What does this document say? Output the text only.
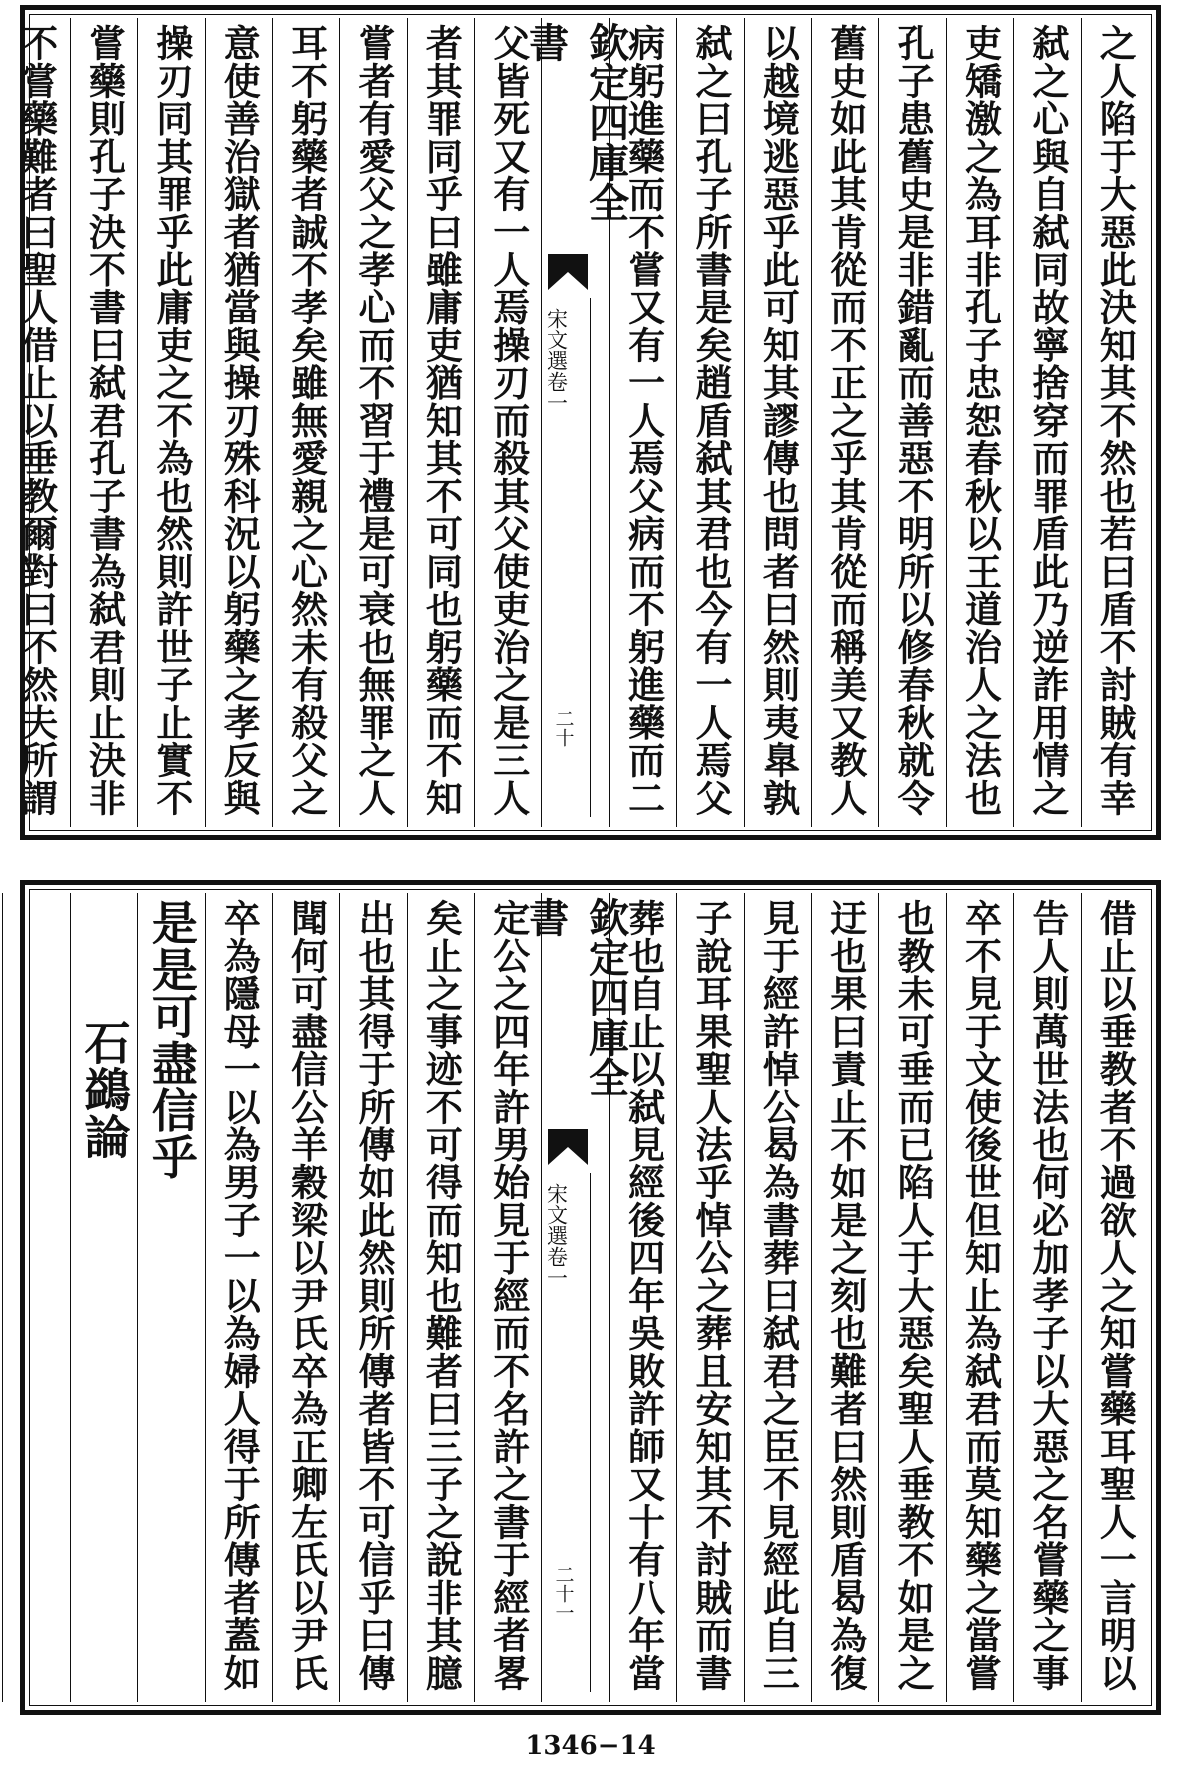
之人陷于大惡此決知其不然也若曰盾不討賊有幸
弑之心與自弑同故寧捨穿而罪盾此乃逆詐用情之
吏矯激之為耳非孔子忠恕春秋以王道治人之法也
孔子患舊史是非錯亂而善惡不明所以修春秋就令
舊史如此其肯從而不正之乎其肯從而稱美又教人
以越境逃惡乎此可知其謬傳也問者曰然則夷臯孰
弑之曰孔子所書是矣趙盾弑其君也今有一人焉父
病躬進藥而不嘗又有一人焉父病而不躬進藥而二
欽定四庫全書
宋文選卷一
二十
父皆死又有一人焉操刃而殺其父使吏治之是三人
者其罪同乎曰雖庸吏猶知其不可同也躬藥而不知
嘗者有愛父之孝心而不習于禮是可衰也無罪之人
耳不躬藥者誠不孝矣雖無愛親之心然未有殺父之
意使善治獄者猶當與操刃殊科況以躬藥之孝反與
操刃同其罪乎此庸吏之不為也然則許世子止實不
嘗藥則孔子決不書曰弑君孔子書為弑君則止決非
不嘗藥難者曰聖人借止以垂教爾對曰不然夫所謂
借止以垂教者不過欲人之知嘗藥耳聖人一言明以
告人則萬世法也何必加孝子以大惡之名嘗藥之事
卒不見于文使後世但知止為弑君而莫知藥之當嘗
也教未可垂而已陷人于大惡矣聖人垂教不如是之
迂也果曰責止不如是之刻也難者曰然則盾曷為復
見于經許悼公曷為書葬曰弑君之臣不見經此自三
子說耳果聖人法乎悼公之葬且安知其不討賊而書
葬也自止以弑見經後四年吳敗許師又十有八年當
欽定四庫全書
宋文選卷一
二十一
定公之四年許男始見于經而不名許之書于經者畧
矣止之事迹不可得而知也難者曰三子之說非其臆
出也其得于所傳如此然則所傳者皆不可信乎曰傳
聞何可盡信公羊穀梁以尹氏卒為正卿左氏以尹氏
卒為隱母一以為男子一以為婦人得于所傳者蓋如
是是可盡信乎
石鷁論
1346−14
